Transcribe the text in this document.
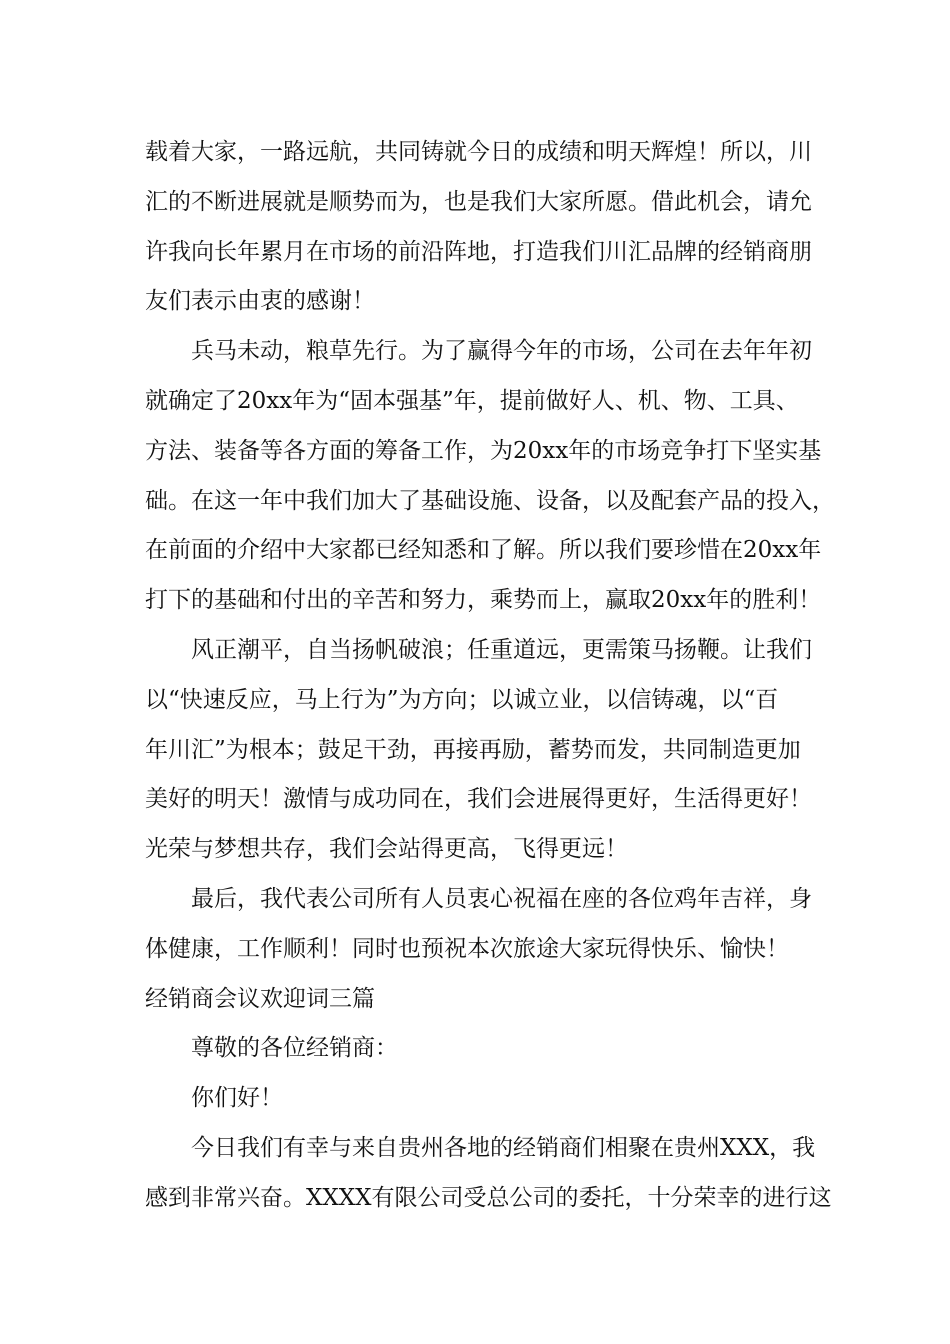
载着大家，一路远航，共同铸就今日的成绩和明天辉煌！所以，川
汇的不断进展就是顺势而为，也是我们大家所愿。借此机会，请允
许我向长年累月在市场的前沿阵地，打造我们川汇品牌的经销商朋
友们表示由衷的感谢！
兵马未动，粮草先行。为了赢得今年的市场，公司在去年年初
就确定了20xx年为“固本强基”年，提前做好人、机、物、工具、
方法、装备等各方面的筹备工作，为20xx年的市场竞争打下坚实基
础。在这一年中我们加大了基础设施、设备，以及配套产品的投入，
在前面的介绍中大家都已经知悉和了解。所以我们要珍惜在20xx年
打下的基础和付出的辛苦和努力，乘势而上，赢取20xx年的胜利！
风正潮平，自当扬帆破浪；任重道远，更需策马扬鞭。让我们
以“快速反应，马上行为”为方向；以诚立业，以信铸魂，以“百
年川汇”为根本；鼓足干劲，再接再励，蓄势而发，共同制造更加
美好的明天！激情与成功同在，我们会进展得更好，生活得更好！
光荣与梦想共存，我们会站得更高，飞得更远！
最后，我代表公司所有人员衷心祝福在座的各位鸡年吉祥，身
体健康，工作顺利！同时也预祝本次旅途大家玩得快乐、愉快！
经销商会议欢迎词三篇
尊敬的各位经销商：
你们好！
今日我们有幸与来自贵州各地的经销商们相聚在贵州XXX，我
感到非常兴奋。XXXX有限公司受总公司的委托，十分荣幸的进行这
